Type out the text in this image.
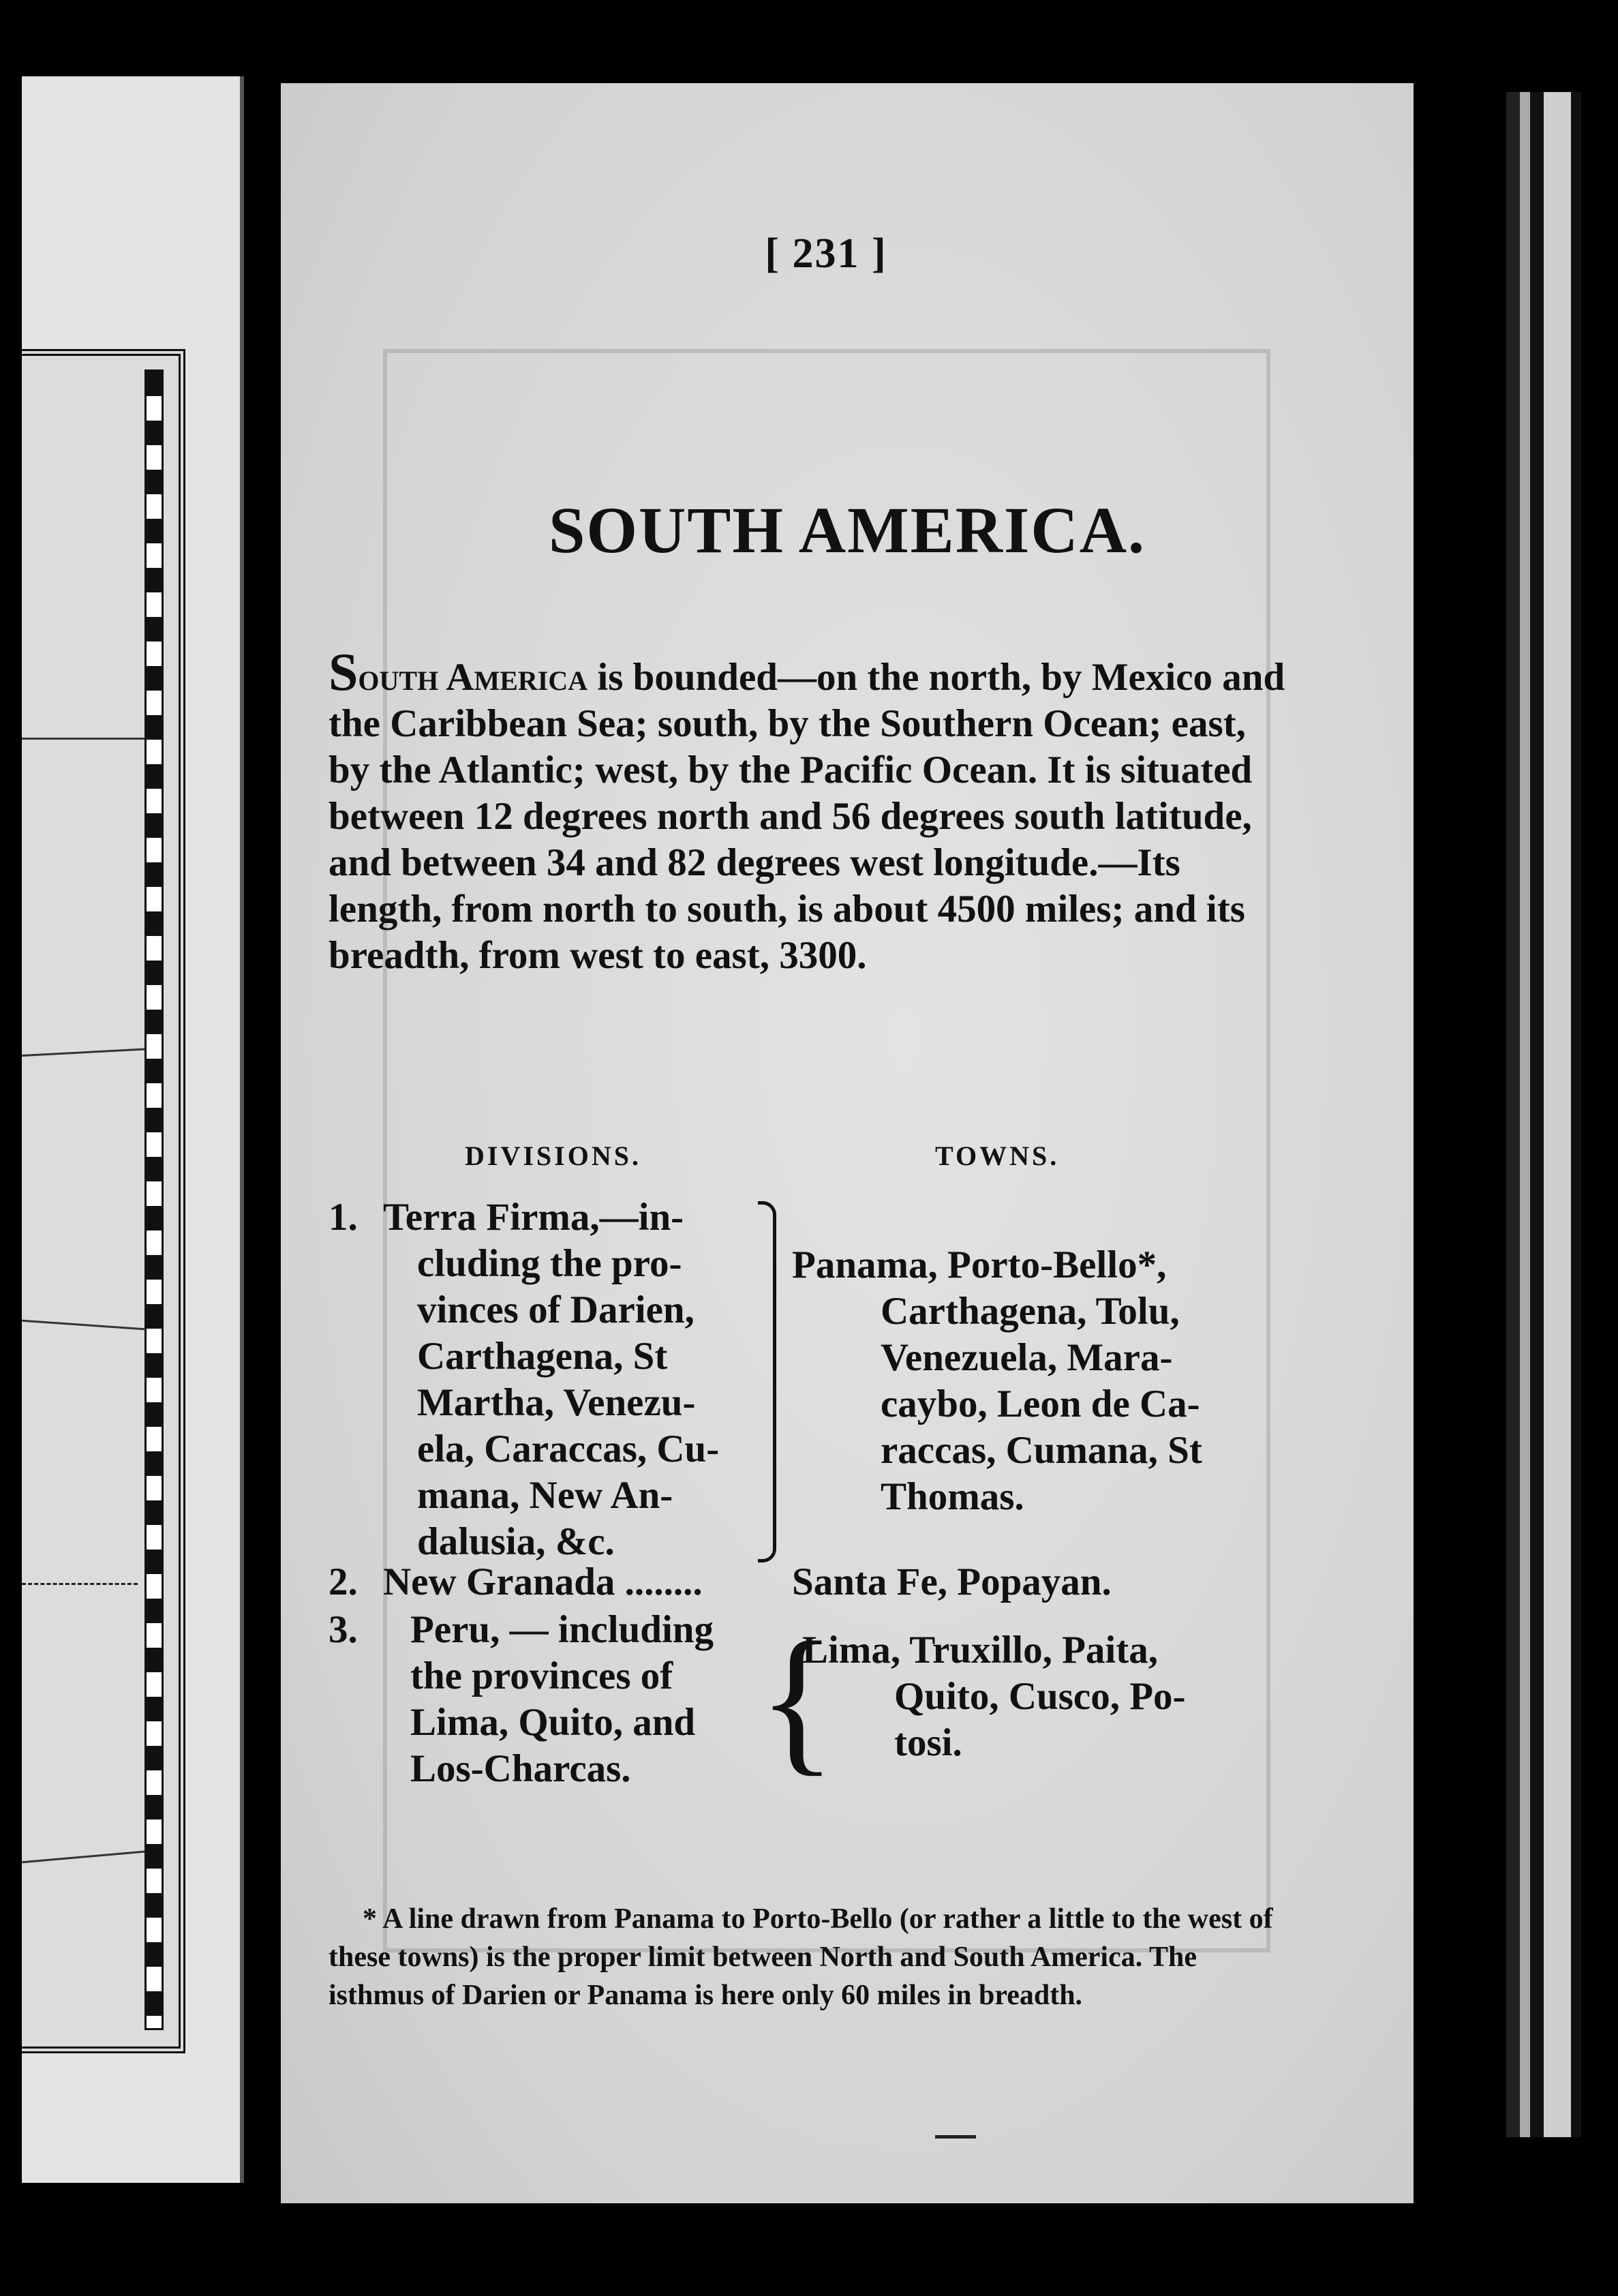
[ 231 ]
SOUTH AMERICA.
South America is bounded—on the north, by Mexico and the Caribbean Sea; south, by the Southern Ocean; east, by the Atlantic; west, by the Pacific Ocean. It is situated between 12 degrees north and 56 degrees south latitude, and between 34 and 82 degrees west longitude.—Its length, from north to south, is about 4500 miles; and its breadth, from west to east, 3300.
DIVISIONS.	TOWNS.
1. Terra Firma,—in-
cluding the pro-
vinces of Darien,
Carthagena, St
Martha, Venezu-
ela, Caraccas, Cu-
mana, New An-
dalusia, &c.
Panama, Porto-Bello*,
Carthagena, Tolu,
Venezuela, Mara-
caybo, Leon de Ca-
raccas, Cumana, St
Thomas.
2. New Granada ........ Santa Fe, Popayan.
3.	Peru, — including
the provinces of
Lima, Quito, and
Los-Charcas. {
Lima, Truxillo, Paita,
Quito, Cusco, Po-
tosi.
* A line drawn from Panama to Porto-Bello (or rather a little to the west of these towns) is the proper limit between North and South America. The isthmus of Darien or Panama is here only 60 miles in breadth.
